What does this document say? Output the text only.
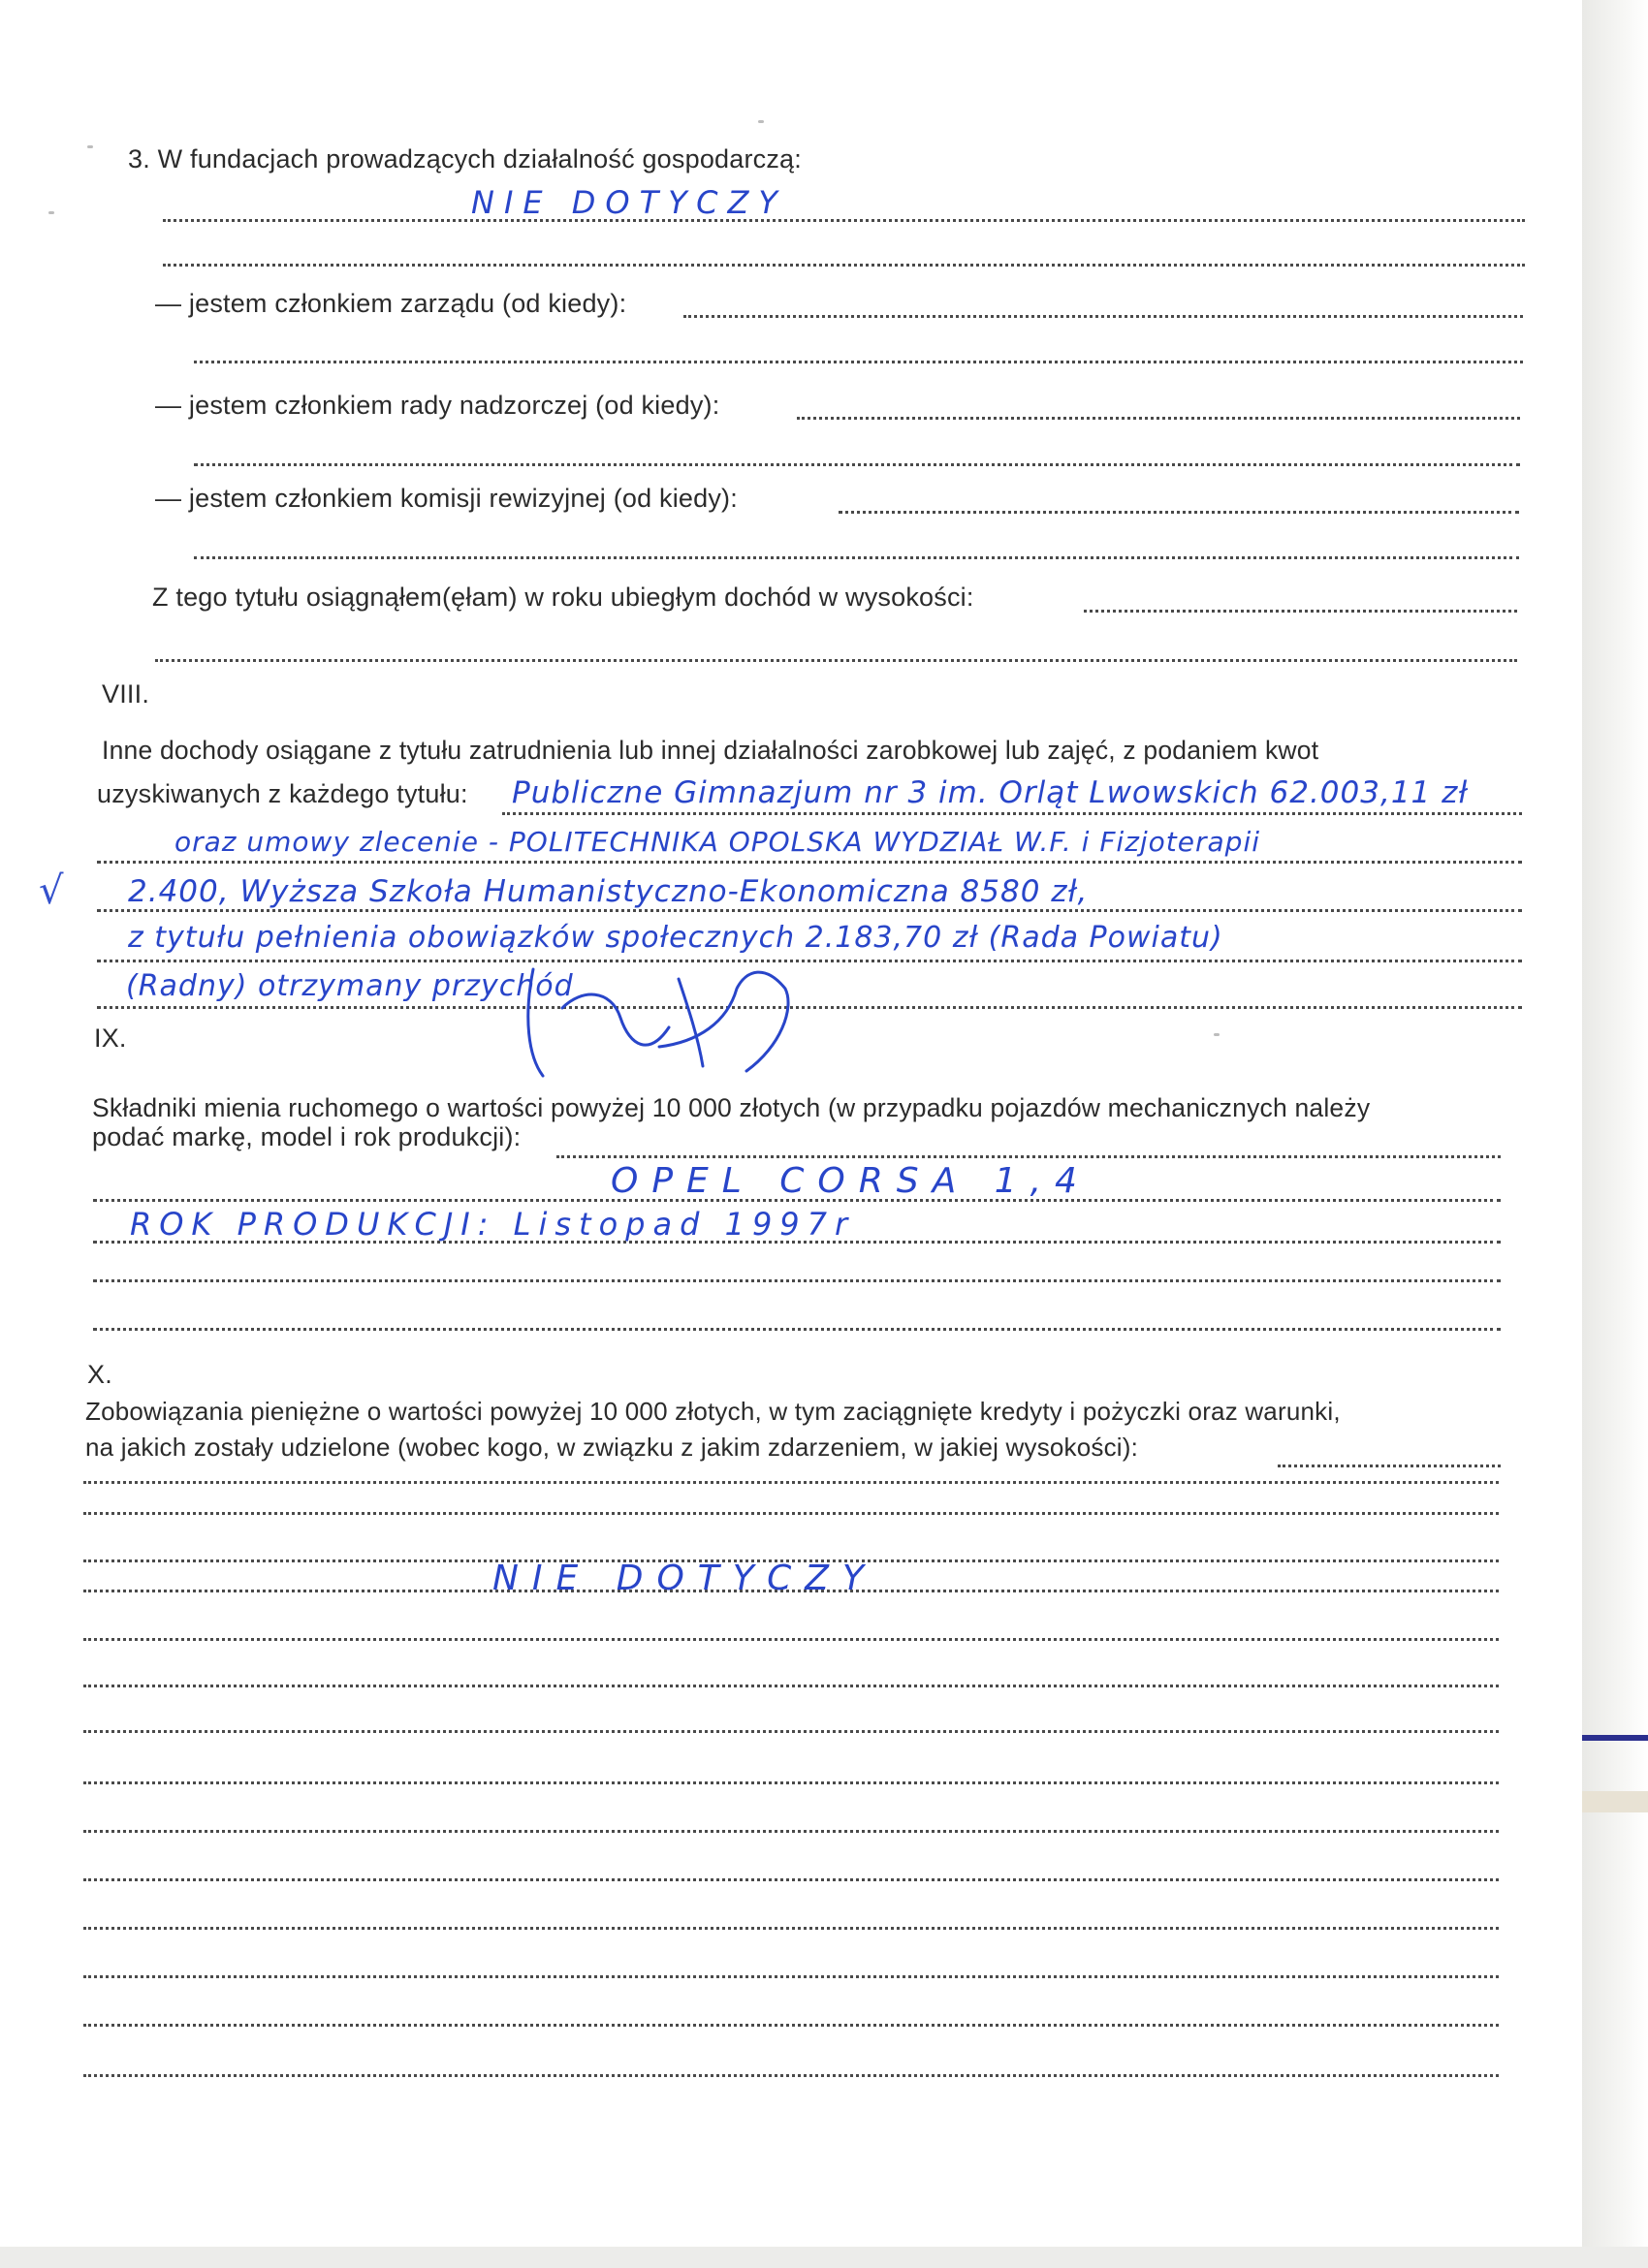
3. W fundacjach prowadzących działalność gospodarczą:
NIE DOTYCZY
— jestem członkiem zarządu (od kiedy):
— jestem członkiem rady nadzorczej (od kiedy):
— jestem członkiem komisji rewizyjnej (od kiedy):
Z tego tytułu osiągnąłem(ęłam) w roku ubiegłym dochód w wysokości:
VIII.
Inne dochody osiągane z tytułu zatrudnienia lub innej działalności zarobkowej lub zajęć, z podaniem kwot
uzyskiwanych z każdego tytułu: Publiczne Gimnazjum nr 3 im. Orląt Lwowskich 62.003,11 zł
oraz umowy zlecenie - POLITECHNIKA OPOLSKA WYDZIAŁ W.F. i Fizjoterapii
√ 2.400, Wyższa Szkoła Humanistyczno-Ekonomiczna 8580 zł,
z tytułu pełnienia obowiązków społecznych 2.183,70 zł (Rada Powiatu)
(Radny) otrzymany przychód
IX.
Składniki mienia ruchomego o wartości powyżej 10 000 złotych (w przypadku pojazdów mechanicznych należy
podać markę, model i rok produkcji):
OPEL CORSA 1,4
ROK PRODUKCJI: Listopad 1997r
X.
Zobowiązania pieniężne o wartości powyżej 10 000 złotych, w tym zaciągnięte kredyty i pożyczki oraz warunki,
na jakich zostały udzielone (wobec kogo, w związku z jakim zdarzeniem, w jakiej wysokości):
NIE DOTYCZY
